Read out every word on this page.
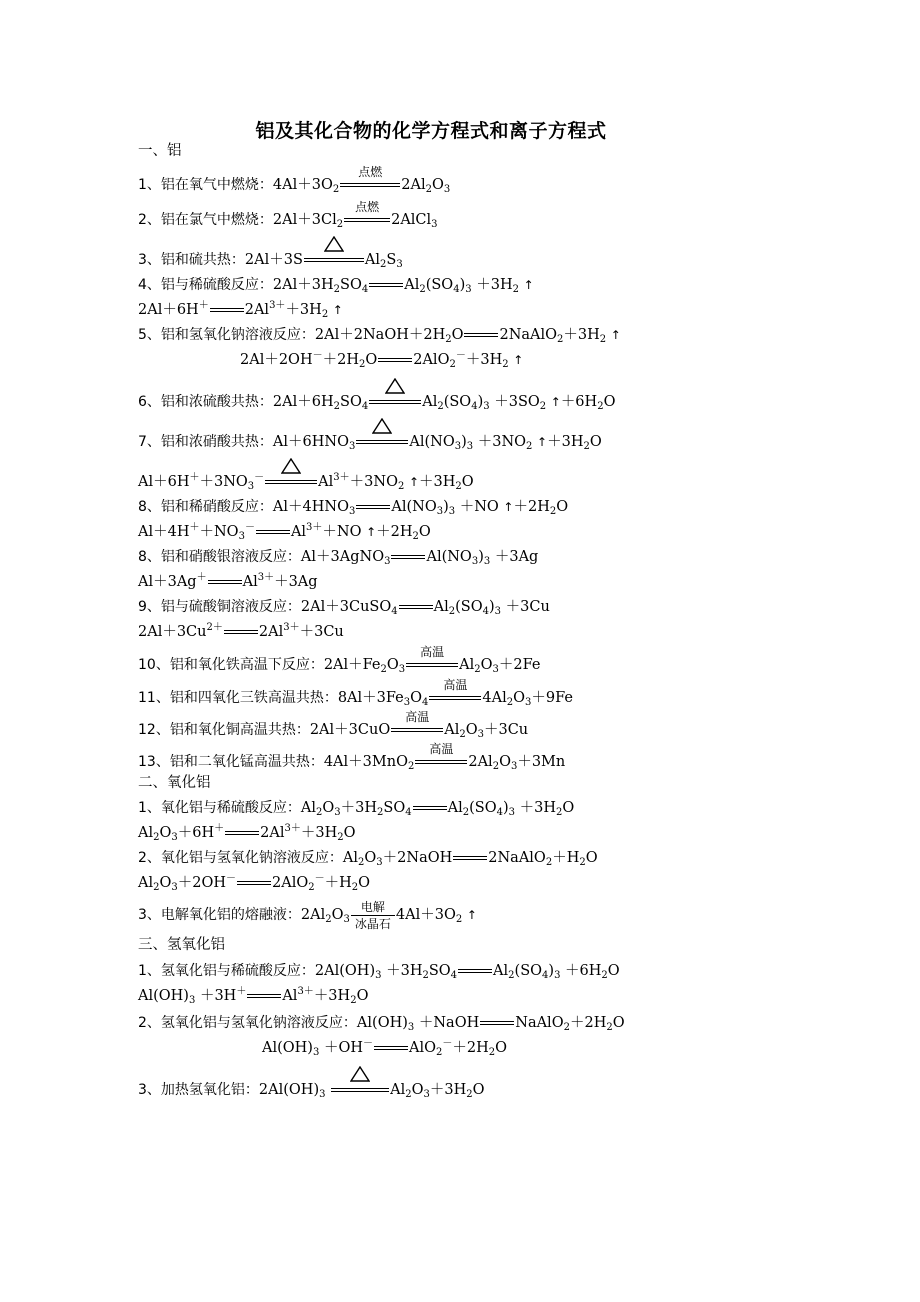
铝及其化合物的化学方程式和离子方程式
一、铝
1、铝在氧气中燃烧：$4Al+3O_2$
点燃
$2Al_2O_3$
2、铝在氯气中燃烧：$2Al+3Cl_2$
点燃
2AlCl$_3$
3、铝和硫共热：2Al＋3S	$Al_2S_3$
4、铝与稀硫酸反应：$2Al+3H_2SO_4$ $Al_2(SO_4)_3 +3H_2$ ↑
2Al＋6H＋ $2Al^{3+}+3H_2$ ↑
5、铝和氢氧化钠溶液反应：$2Al+2NaOH+2H_2O$ $2NaAlO_2+3H_2$ ↑
$2Al+2OH^-+2H_2O$ $2AlO_2^-+3H_2$ ↑
6、铝和浓硫酸共热：$2Al+6H_2SO_4$	$Al_2(SO_4)_3 +3SO_2$ $↑+6H_2O$
7、铝和浓硝酸共热：$Al+6HNO_3$	$Al(NO_3)_3 +3NO_2$ $↑+3H_2O$
$Al+6H^++3NO_3^-$	$Al^{3+}+3NO_2$ $↑+3H_2O$
8、铝和稀硝酸反应：$Al+4HNO_3$ $Al(NO_3)_3 +NO$ $↑+2H_2O$
$Al+4H^++NO_3^-$ $Al^{3+}+NO$ $↑+2H_2O$
8、铝和硝酸银溶液反应：Al＋3AgNO$_3$ $Al(NO_3)_3 +3Ag$
Al＋3Ag＋ $Al^{3+}+3Ag$
9、铝与硫酸铜溶液反应：2Al＋3CuSO$_4$ $Al_2(SO_4)_3 +3Cu$
$2Al+3Cu^{2+}$ $2Al^{3+}+3Cu$
10、铝和氧化铁高温下反应：$2Al+Fe_2O_3$
高温
$Al_2O_3+2Fe$
11、铝和四氧化三铁高温共热：$8Al+3Fe_3O_4$
高温
$4Al_2O_3+9Fe$
12、铝和氧化铜高温共热：2Al＋3CuO
高温
$Al_2O_3+3Cu$
13、铝和二氧化锰高温共热：4Al＋3MnO$_2$
高温
$2Al_2O_3+3Mn$
二、氧化铝
1、氧化铝与稀硫酸反应：$Al_2O_3+3H_2SO_4$ $Al_2(SO_4)_3 +3H_2O$
$Al_2O_3+6H^+$ $2Al^{3+}+3H_2O$
2、氧化铝与氢氧化钠溶液反应：$Al_2O_3+2NaOH$ $2NaAlO_2+H_2O$
$Al_2O_3+2OH^-$ $2AlO_2^-+H_2O$
3、电解氧化铝的熔融液：$2Al_2O_3$
电解
冰晶石
$4Al+3O_2$ ↑
三、氢氧化铝
1、氢氧化铝与稀硫酸反应：$2Al(OH)_3 +3H_2SO_4$ $Al_2(SO_4)_3 +6H_2O$
$Al(OH)_3 +3H^+$ $Al^{3+}+3H_2O$
2、氢氧化铝与氢氧化钠溶液反应：$Al(OH)_3$ ＋NaOH $NaAlO_2+2H_2O$
$Al(OH)_3 +OH^-$ $AlO_2^-+2H_2O$
3、加热氢氧化铝：$2Al(OH)_3$	$Al_2O_3+3H_2O$
